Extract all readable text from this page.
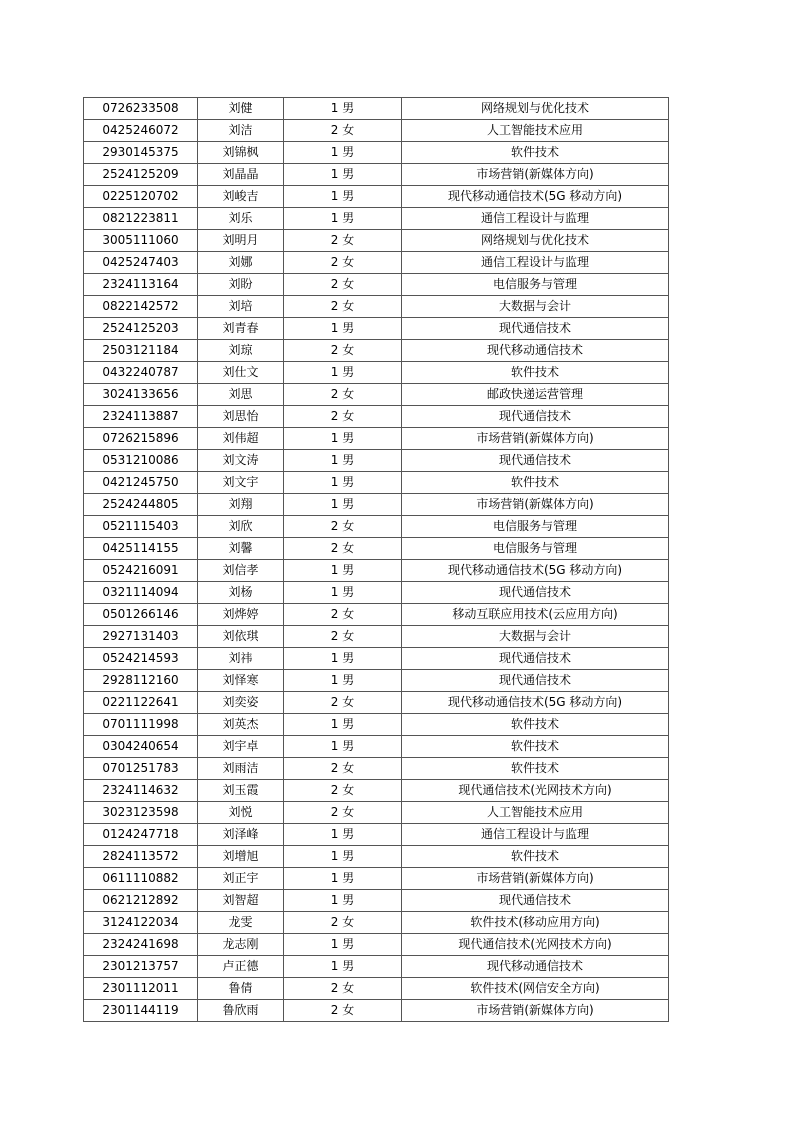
0726233508	刘健	1 男	网络规划与优化技术
0425246072	刘洁	2 女	人工智能技术应用
2930145375	刘锦枫	1 男	软件技术
2524125209	刘晶晶	1 男	市场营销(新媒体方向)
0225120702	刘峻吉	1 男	现代移动通信技术(5G 移动方向)
0821223811	刘乐	1 男	通信工程设计与监理
3005111060	刘明月	2 女	网络规划与优化技术
0425247403	刘娜	2 女	通信工程设计与监理
2324113164	刘盼	2 女	电信服务与管理
0822142572	刘培	2 女	大数据与会计
2524125203	刘青春	1 男	现代通信技术
2503121184	刘琼	2 女	现代移动通信技术
0432240787	刘仕文	1 男	软件技术
3024133656	刘思	2 女	邮政快递运营管理
2324113887	刘思怡	2 女	现代通信技术
0726215896	刘伟超	1 男	市场营销(新媒体方向)
0531210086	刘文涛	1 男	现代通信技术
0421245750	刘文宇	1 男	软件技术
2524244805	刘翔	1 男	市场营销(新媒体方向)
0521115403	刘欣	2 女	电信服务与管理
0425114155	刘馨	2 女	电信服务与管理
0524216091	刘信孝	1 男	现代移动通信技术(5G 移动方向)
0321114094	刘杨	1 男	现代通信技术
0501266146	刘烨婷	2 女	移动互联应用技术(云应用方向)
2927131403	刘依琪	2 女	大数据与会计
0524214593	刘祎	1 男	现代通信技术
2928112160	刘怿寒	1 男	现代通信技术
0221122641	刘奕姿	2 女	现代移动通信技术(5G 移动方向)
0701111998	刘英杰	1 男	软件技术
0304240654	刘宇卓	1 男	软件技术
0701251783	刘雨洁	2 女	软件技术
2324114632	刘玉霞	2 女	现代通信技术(光网技术方向)
3023123598	刘悦	2 女	人工智能技术应用
0124247718	刘泽峰	1 男	通信工程设计与监理
2824113572	刘增旭	1 男	软件技术
0611110882	刘正宇	1 男	市场营销(新媒体方向)
0621212892	刘智超	1 男	现代通信技术
3124122034	龙雯	2 女	软件技术(移动应用方向)
2324241698	龙志刚	1 男	现代通信技术(光网技术方向)
2301213757	卢正德	1 男	现代移动通信技术
2301112011	鲁倩	2 女	软件技术(网信安全方向)
2301144119	鲁欣雨	2 女	市场营销(新媒体方向)
